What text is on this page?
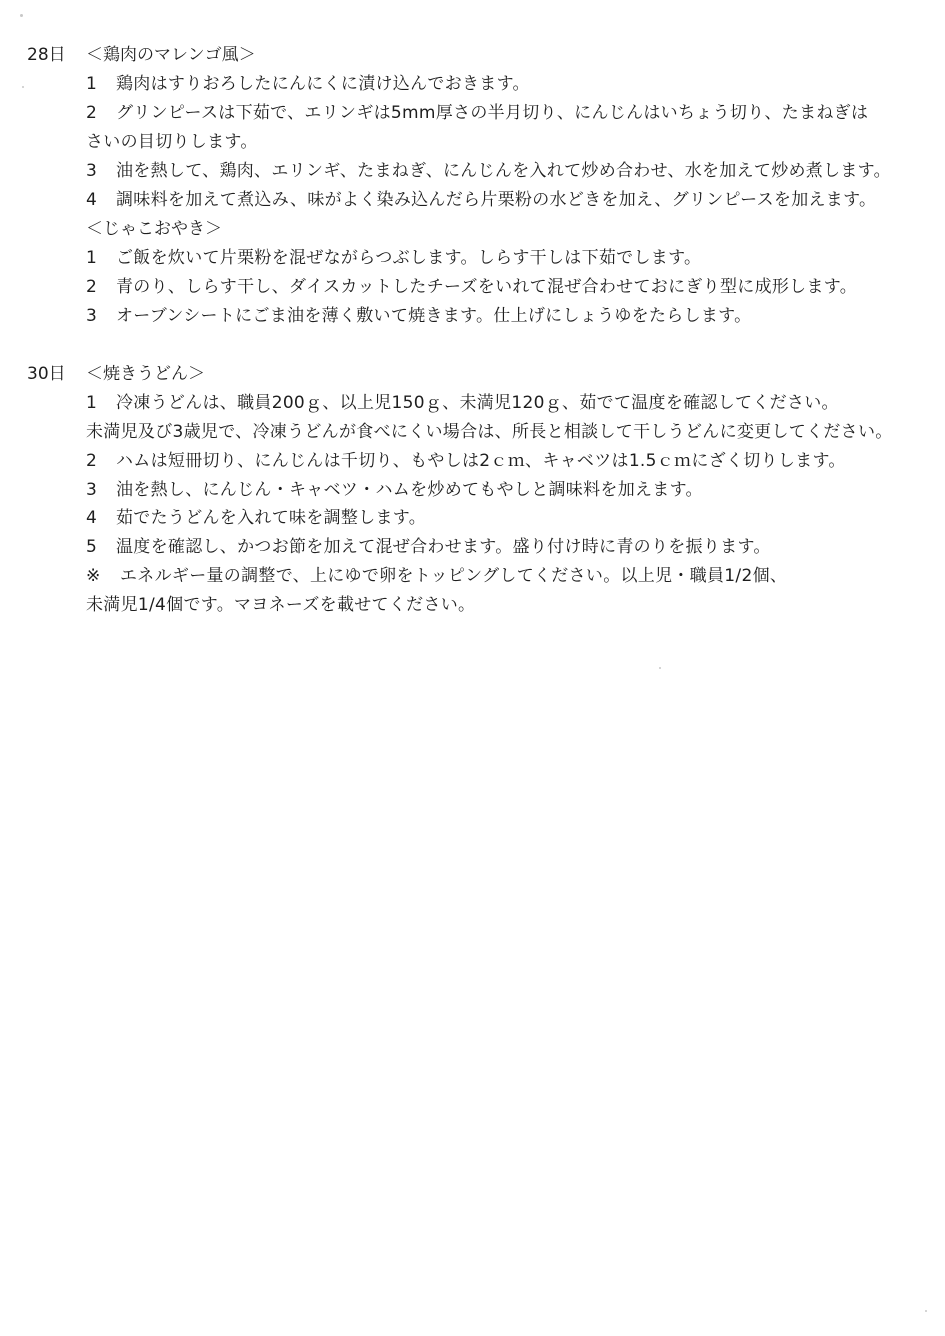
28日 ＜鶏肉のマレンゴ風＞
1 鶏肉はすりおろしたにんにくに漬け込んでおきます。
2 グリンピースは下茹で、エリンギは5mm厚さの半月切り、にんじんはいちょう切り、たまねぎは
さいの目切りします。
3 油を熱して、鶏肉、エリンギ、たまねぎ、にんじんを入れて炒め合わせ、水を加えて炒め煮します。
4 調味料を加えて煮込み、味がよく染み込んだら片栗粉の水どきを加え、グリンピースを加えます。
＜じゃこおやき＞
1 ご飯を炊いて片栗粉を混ぜながらつぶします。しらす干しは下茹でします。
2 青のり、しらす干し、ダイスカットしたチーズをいれて混ぜ合わせておにぎり型に成形します。
3 オーブンシートにごま油を薄く敷いて焼きます。仕上げにしょうゆをたらします。
30日 ＜焼きうどん＞
1 冷凍うどんは、職員200ｇ、以上児150ｇ、未満児120ｇ、茹でて温度を確認してください。
未満児及び3歳児で、冷凍うどんが食べにくい場合は、所長と相談して干しうどんに変更してください。
2 ハムは短冊切り、にんじんは千切り、もやしは2ｃｍ、キャベツは1.5ｃｍにざく切りします。
3 油を熱し、にんじん・キャベツ・ハムを炒めてもやしと調味料を加えます。
4 茹でたうどんを入れて味を調整します。
5 温度を確認し、かつお節を加えて混ぜ合わせます。盛り付け時に青のりを振ります。
※ エネルギー量の調整で、上にゆで卵をトッピングしてください。以上児・職員1/2個、
未満児1/4個です。マヨネーズを載せてください。
